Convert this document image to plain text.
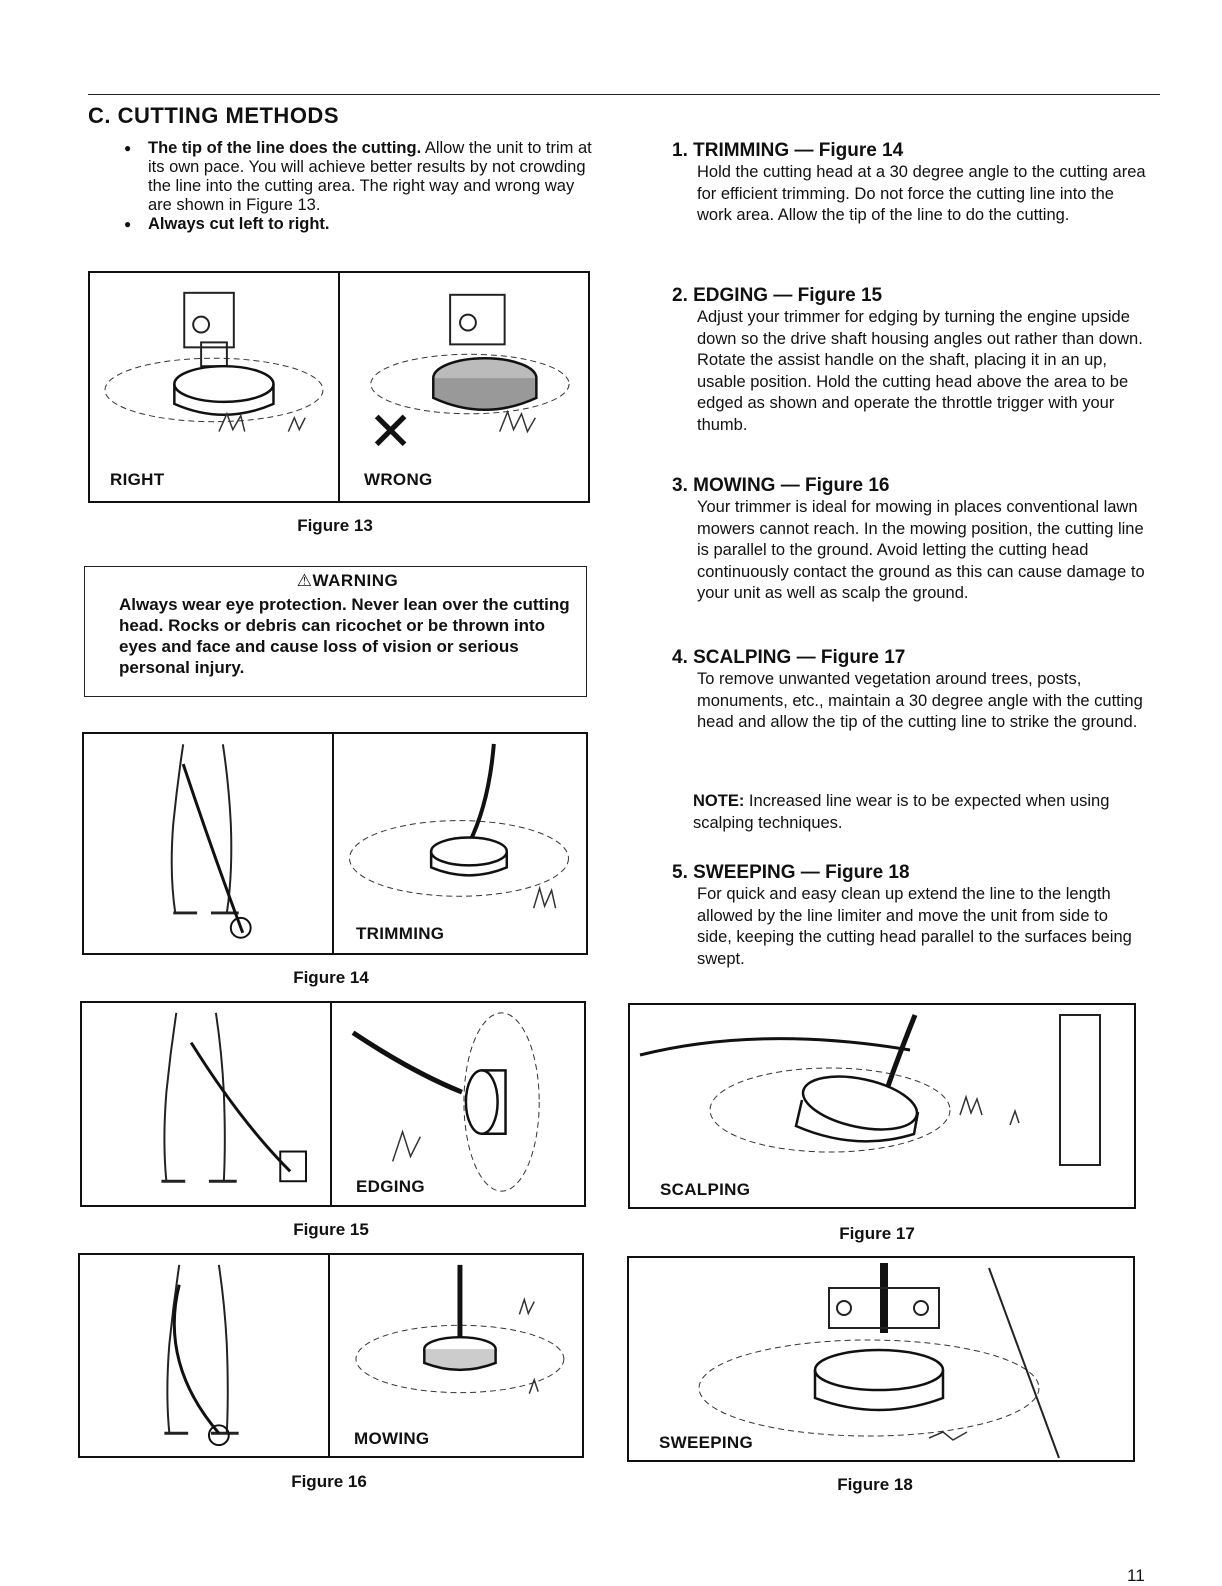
C. CUTTING METHODS
● The tip of the line does the cutting. Allow the unit to trim at its own pace. You will achieve better results by not crowding the line into the cutting area. The right way and wrong way are shown in Figure 13.
● Always cut left to right.
RIGHT
✕
WRONG
Figure 13
⚠WARNING
Always wear eye protection. Never lean over the cutting head. Rocks or debris can ricochet or be thrown into eyes and face and cause loss of vision or serious personal injury.
TRIMMING
Figure 14
EDGING
Figure 15
MOWING
Figure 16
1. TRIMMING — Figure 14
Hold the cutting head at a 30 degree angle to the cutting area for efficient trimming. Do not force the cutting line into the work area. Allow the tip of the line to do the cutting.
2. EDGING — Figure 15
Adjust your trimmer for edging by turning the engine upside down so the drive shaft housing angles out rather than down. Rotate the assist handle on the shaft, placing it in an up, usable position. Hold the cutting head above the area to be edged as shown and operate the throttle trigger with your thumb.
3. MOWING — Figure 16
Your trimmer is ideal for mowing in places conventional lawn mowers cannot reach. In the mowing position, the cutting line is parallel to the ground. Avoid letting the cutting head continuously contact the ground as this can cause damage to your unit as well as scalp the ground.
4. SCALPING — Figure 17
To remove unwanted vegetation around trees, posts, monuments, etc., maintain a 30 degree angle with the cutting head and allow the tip of the cutting line to strike the ground.
5. SWEEPING — Figure 18
For quick and easy clean up extend the line to the length allowed by the line limiter and move the unit from side to side, keeping the cutting head parallel to the surfaces being swept.
NOTE: Increased line wear is to be expected when using scalping techniques.
SCALPING
Figure 17
SWEEPING
Figure 18
11
